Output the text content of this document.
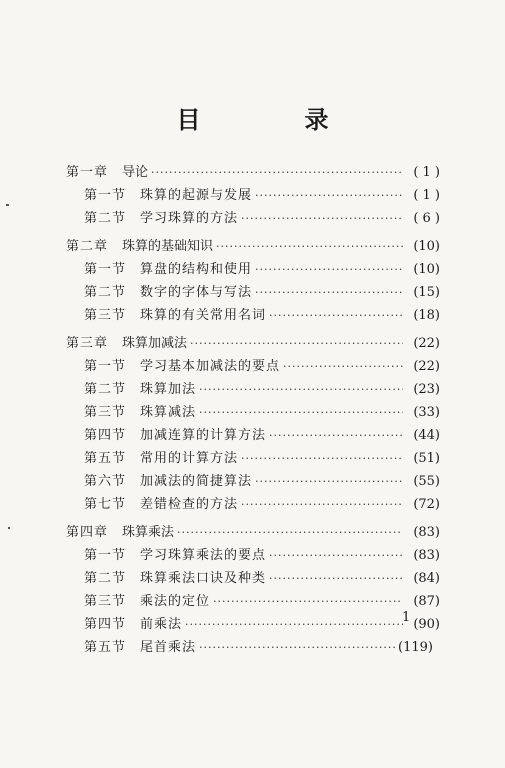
目　录
第一章 导论 ·····	( 1 )
第一节 珠算的起源与发展 ·····	( 1 )
第二节 学习珠算的方法 ·····	( 6 )
第二章 珠算的基础知识 ·····	(10)
第一节 算盘的结构和使用 ·····	(10)
第二节 数字的字体与写法 ·····	(15)
第三节 珠算的有关常用名词 ·····	(18)
第三章 珠算加减法 ·····	(22)
第一节 学习基本加减法的要点 ·····	(22)
第二节 珠算加法 ·····	(23)
第三节 珠算减法 ·····	(33)
第四节 加减连算的计算方法 ·····	(44)
第五节 常用的计算方法 ·····	(51)
第六节 加减法的简捷算法 ·····	(55)
第七节 差错检查的方法 ·····	(72)
第四章 珠算乘法 ·····	(83)
第一节 学习珠算乘法的要点 ·····	(83)
第二节 珠算乘法口诀及种类 ·····	(84)
第三节 乘法的定位 ·····	(87)
第四节 前乘法 ·····	(90)
第五节 尾首乘法 ·····	(119)
1
